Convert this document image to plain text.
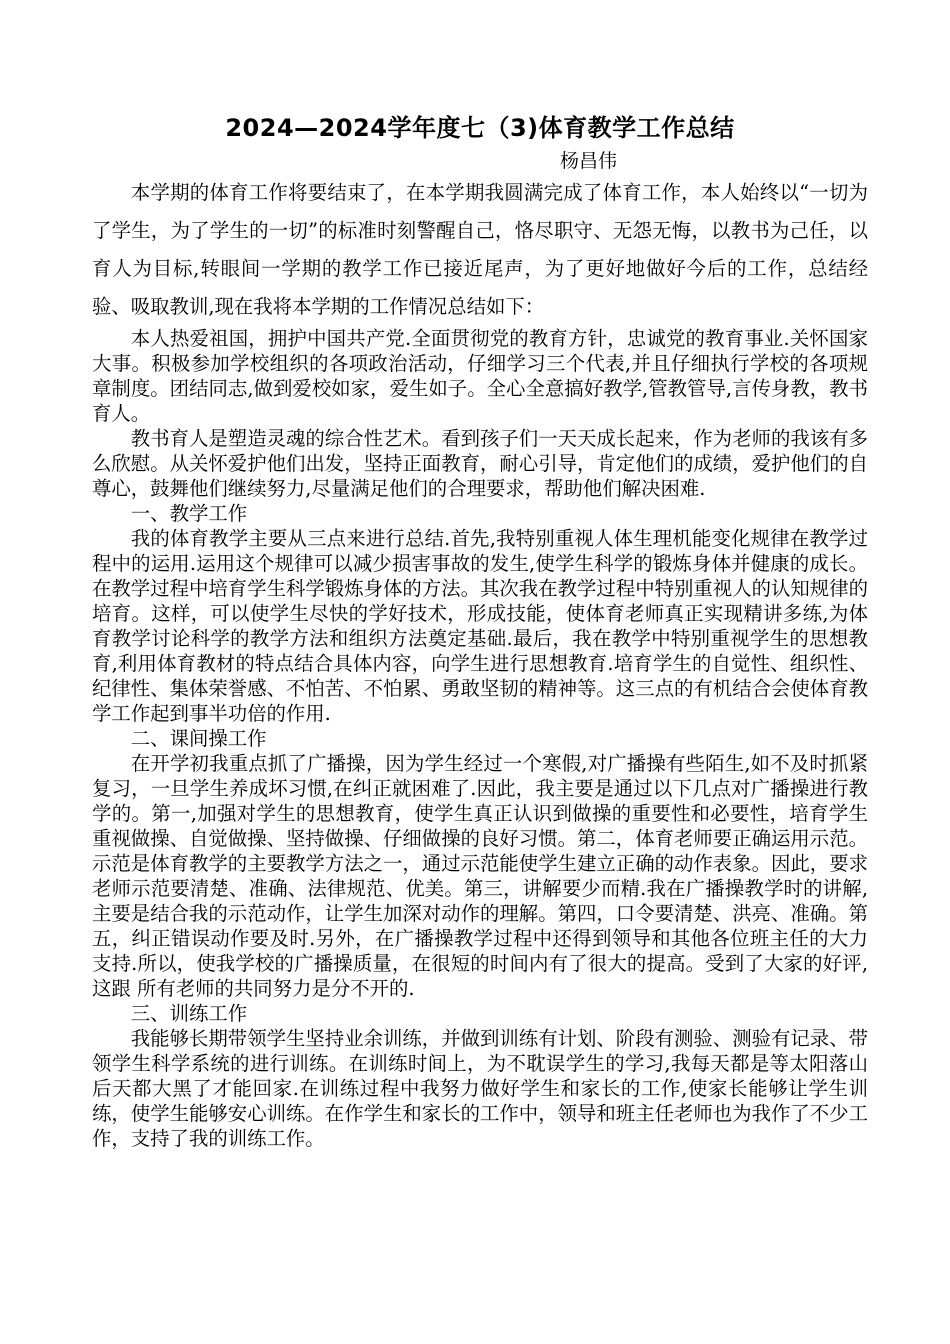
2024—2024学年度七（3)体育教学工作总结

杨昌伟

本学期的体育工作将要结束了，在本学期我圆满完成了体育工作，本人始终以“一切为了学生，为了学生的一切”的标准时刻警醒自己，恪尽职守、无怨无悔，以教书为己任，以育人为目标,转眼间一学期的教学工作已接近尾声，为了更好地做好今后的工作，总结经验、吸取教训,现在我将本学期的工作情况总结如下：

本人热爱祖国，拥护中国共产党.全面贯彻党的教育方针，忠诚党的教育事业.关怀国家大事。积极参加学校组织的各项政治活动，仔细学习三个代表,并且仔细执行学校的各项规章制度。团结同志,做到爱校如家，爱生如子。全心全意搞好教学,管教管导,言传身教，教书育人。

教书育人是塑造灵魂的综合性艺术。看到孩子们一天天成长起来，作为老师的我该有多么欣慰。从关怀爱护他们出发，坚持正面教育，耐心引导，肯定他们的成绩，爱护他们的自尊心，鼓舞他们继续努力,尽量满足他们的合理要求，帮助他们解决困难.

一、教学工作

我的体育教学主要从三点来进行总结.首先,我特别重视人体生理机能变化规律在教学过程中的运用.运用这个规律可以减少损害事故的发生,使学生科学的锻炼身体并健康的成长。在教学过程中培育学生科学锻炼身体的方法。其次我在教学过程中特别重视人的认知规律的培育。这样，可以使学生尽快的学好技术，形成技能，使体育老师真正实现精讲多练,为体育教学讨论科学的教学方法和组织方法奠定基础.最后，我在教学中特别重视学生的思想教育,利用体育教材的特点结合具体内容，向学生进行思想教育.培育学生的自觉性、组织性、纪律性、集体荣誉感、不怕苦、不怕累、勇敢坚韧的精神等。这三点的有机结合会使体育教学工作起到事半功倍的作用.

二、课间操工作

在开学初我重点抓了广播操，因为学生经过一个寒假,对广播操有些陌生,如不及时抓紧复习，一旦学生养成坏习惯,在纠正就困难了.因此，我主要是通过以下几点对广播操进行教学的。第一,加强对学生的思想教育，使学生真正认识到做操的重要性和必要性，培育学生重视做操、自觉做操、坚持做操、仔细做操的良好习惯。第二，体育老师要正确运用示范。示范是体育教学的主要教学方法之一，通过示范能使学生建立正确的动作表象。因此，要求老师示范要清楚、准确、法律规范、优美。第三，讲解要少而精.我在广播操教学时的讲解,主要是结合我的示范动作，让学生加深对动作的理解。第四，口令要清楚、洪亮、准确。第五，纠正错误动作要及时.另外，在广播操教学过程中还得到领导和其他各位班主任的大力支持.所以，使我学校的广播操质量，在很短的时间内有了很大的提高。受到了大家的好评,这跟 所有老师的共同努力是分不开的.

三、训练工作

我能够长期带领学生坚持业余训练，并做到训练有计划、阶段有测验、测验有记录、带领学生科学系统的进行训练。在训练时间上，为不耽误学生的学习,我每天都是等太阳落山后天都大黑了才能回家.在训练过程中我努力做好学生和家长的工作,使家长能够让学生训练，使学生能够安心训练。在作学生和家长的工作中，领导和班主任老师也为我作了不少工作，支持了我的训练工作。
